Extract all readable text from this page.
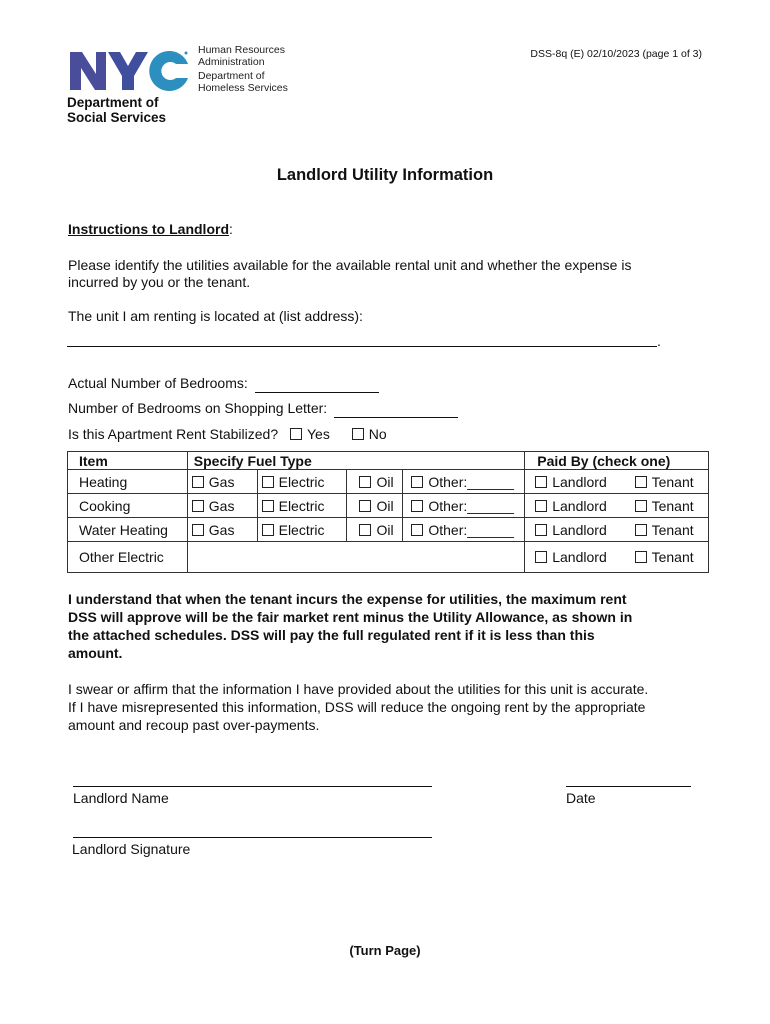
Human Resources
Administration
Department of
Homeless Services
Department of
Social Services
DSS-8q (E) 02/10/2023 (page 1 of 3)
Landlord Utility Information
Instructions to Landlord:
Please identify the utilities available for the available rental unit and whether the expense is
incurred by you or the tenant.
The unit I am renting is located at (list address):
.
Actual Number of Bedrooms:
Number of Bedrooms on Shopping Letter:
Is this Apartment Rent Stabilized? Yes	No
Item	Specify Fuel Type				Paid By (check one)	
Heating	Gas	Electric	Oil	Other:______	Landlord	Tenant
Cooking	Gas	Electric	Oil	Other:______	Landlord	Tenant
Water Heating	Gas	Electric	Oil	Other:______	Landlord	Tenant
Other Electric					Landlord	Tenant
I understand that when the tenant incurs the expense for utilities, the maximum rent
DSS will approve will be the fair market rent minus the Utility Allowance, as shown in
the attached schedules. DSS will pay the full regulated rent if it is less than this
amount.
I swear or affirm that the information I have provided about the utilities for this unit is accurate.
If I have misrepresented this information, DSS will reduce the ongoing rent by the appropriate
amount and recoup past over-payments.
Landlord Name	Date
Landlord Signature
(Turn Page)
